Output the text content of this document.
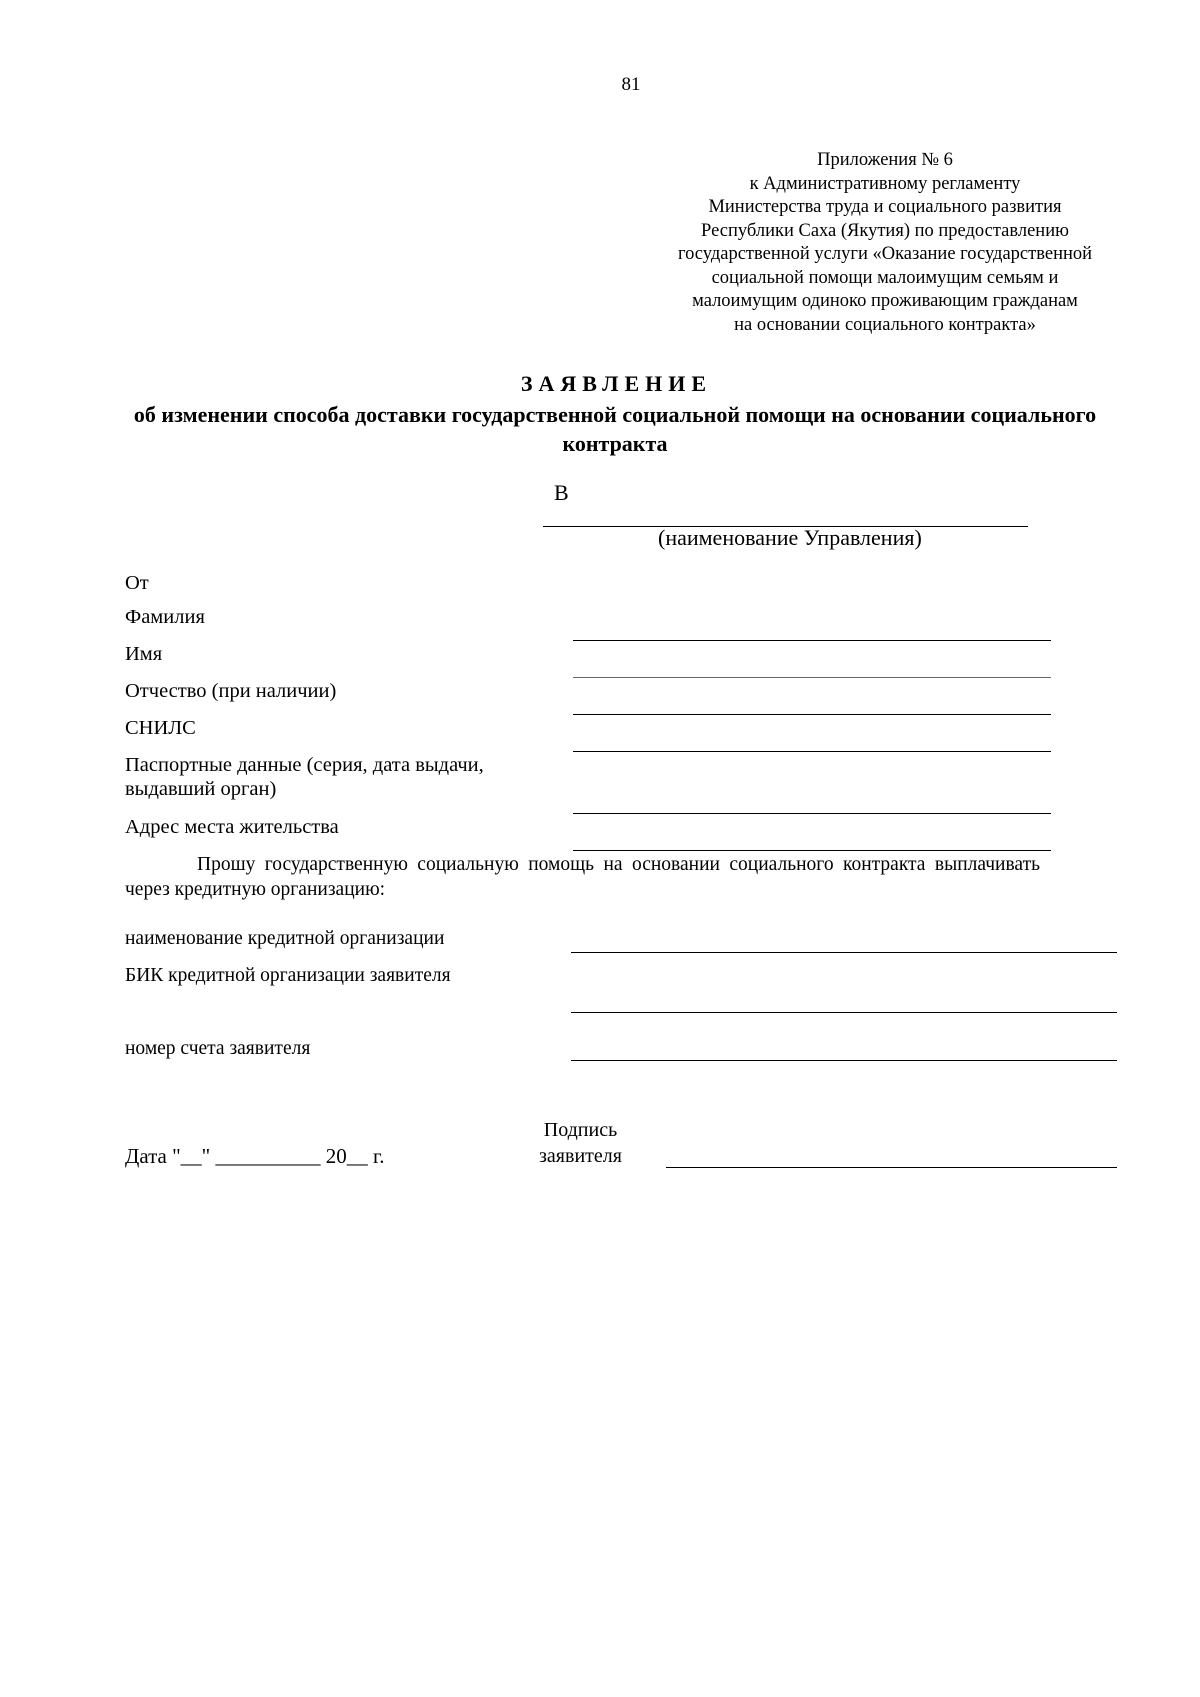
81
Приложения № 6
к Административному регламенту
Министерства труда и социального развития
Республики Саха (Якутия) по предоставлению
государственной услуги «Оказание государственной
социальной помощи малоимущим семьям и
малоимущим одиноко проживающим гражданам
на основании социального контракта»
ЗАЯВЛЕНИЕ
об изменении способа доставки государственной социальной помощи на основании социального контракта
В
(наименование Управления)
От
Фамилия
Имя
Отчество (при наличии)
СНИЛС
Паспортные данные (серия, дата выдачи,
выдавший орган)
Адрес места жительства
Прошу государственную социальную помощь на основании социального контракта выплачивать через кредитную организацию:
наименование кредитной организации
БИК кредитной организации заявителя
номер счета заявителя
Дата "__" __________ 20__ г.
Подпись
заявителя
